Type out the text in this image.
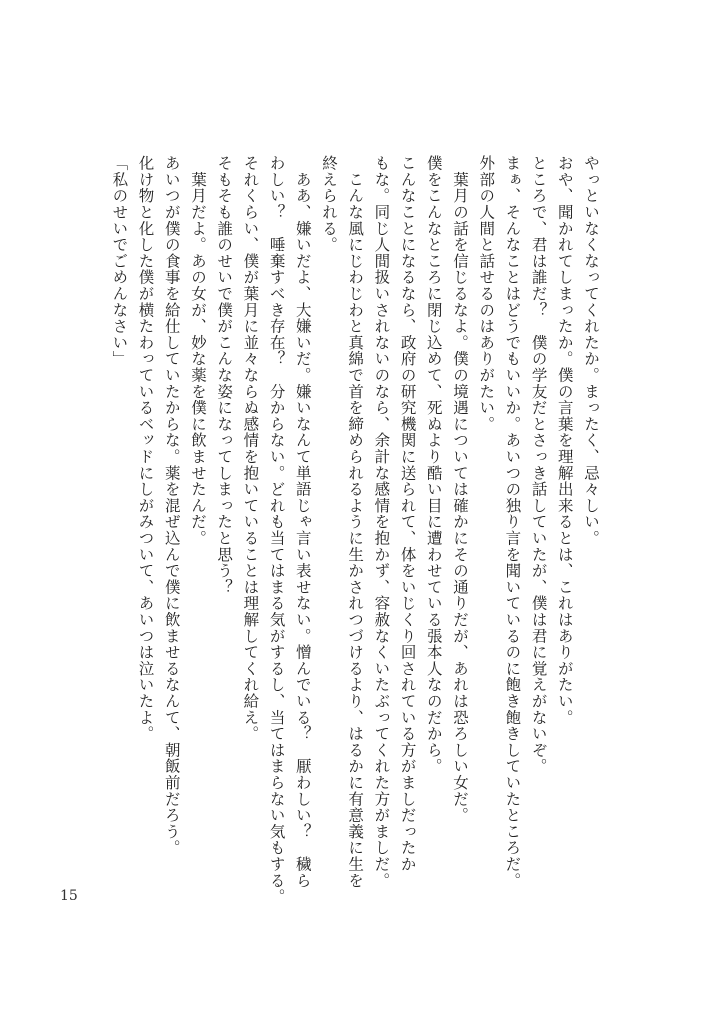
やっといなくなってくれたか。まったく、忌々しい。
おや、聞かれてしまったか。僕の言葉を理解出来るとは、これはありがたい。
ところで、君は誰だ？　僕の学友だとさっき話していたが、僕は君に覚えがないぞ。
まぁ、そんなことはどうでもいいか。あいつの独り言を聞いているのに飽き飽きしていたところだ。
外部の人間と話せるのはありがたい。
　葉月の話を信じるなよ。僕の境遇については確かにその通りだが、あれは恐ろしい女だ。
僕をこんなところに閉じ込めて、死ぬより酷い目に遭わせている張本人なのだから。
こんなことになるなら、政府の研究機関に送られて、体をいじくり回されている方がましだったか
もな。同じ人間扱いされないのなら、余計な感情を抱かず、容赦なくいたぶってくれた方がましだ。
　こんな風にじわじわと真綿で首を締められるように生かされつづけるより、はるかに有意義に生を
終えられる。
　ああ、嫌いだよ、大嫌いだ。嫌いなんて単語じゃ言い表せない。憎んでいる？　厭わしい？　穢ら
わしい？　唾棄すべき存在？　分からない。どれも当てはまる気がするし、当てはまらない気もする。
それくらい、僕が葉月に並々ならぬ感情を抱いていることは理解してくれ給え。
そもそも誰のせいで僕がこんな姿になってしまったと思う？
　葉月だよ。あの女が、妙な薬を僕に飲ませたんだ。
あいつが僕の食事を給仕していたからな。薬を混ぜ込んで僕に飲ませるなんて、朝飯前だろう。
化け物と化した僕が横たわっているベッドにしがみついて、あいつは泣いたよ。
「私のせいでごめんなさい」
15
